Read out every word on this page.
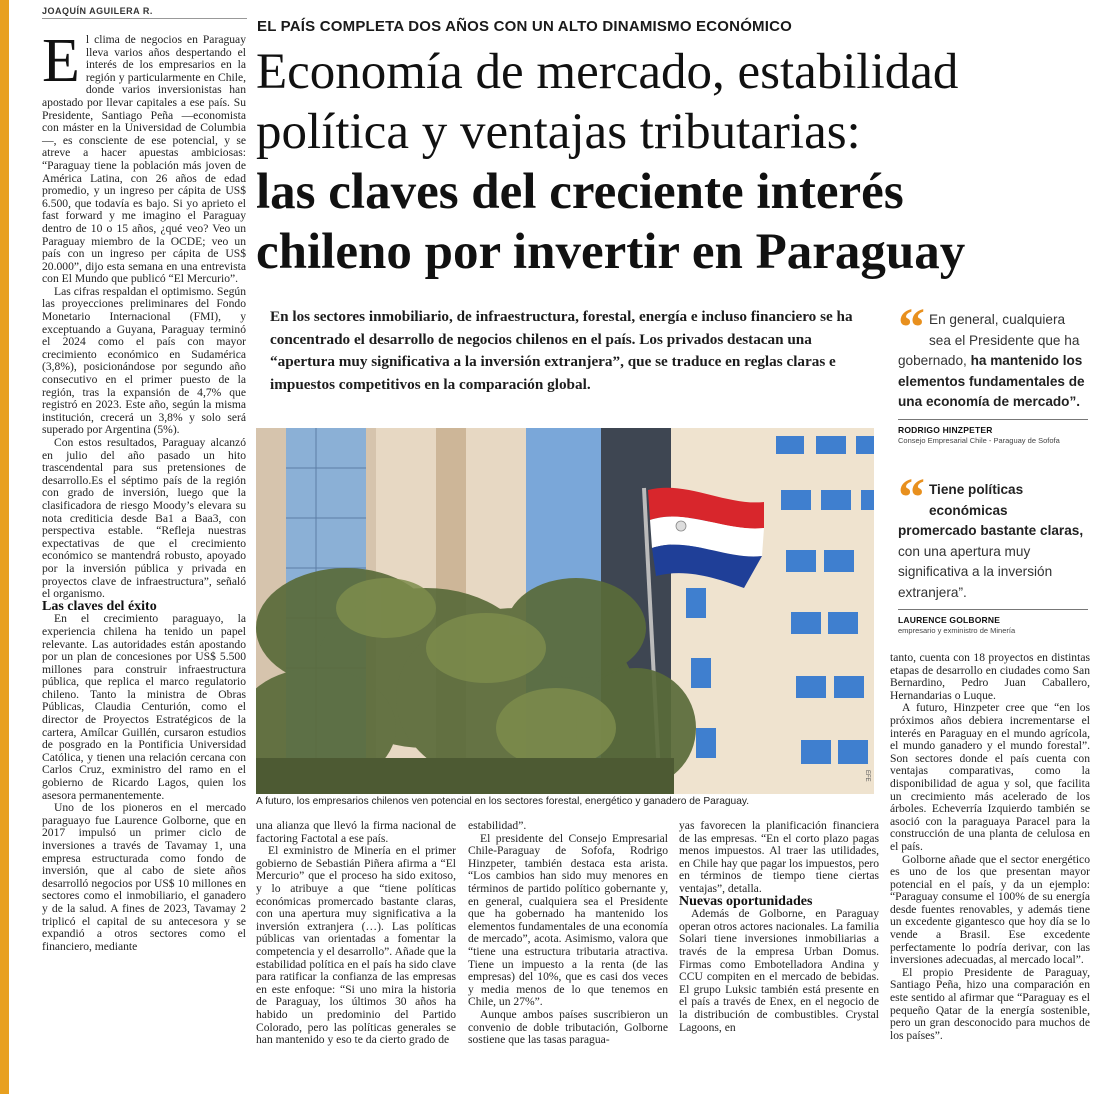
JOAQUÍN AGUILERA R.
EL PAÍS COMPLETA DOS AÑOS CON UN ALTO DINAMISMO ECONÓMICO
Economía de mercado, estabilidad
política y ventajas tributarias:
las claves del creciente interés
chileno por invertir en Paraguay
En los sectores inmobiliario, de infraestructura, forestal, energía e incluso financiero se ha concentrado el desarrollo de negocios chilenos en el país. Los privados destacan una “apertura muy significativa a la inversión extranjera”, que se traduce en reglas claras e impuestos competitivos en la comparación global.

El clima de negocios en Paraguay lleva varios años despertando el interés de los empresarios en la región y particularmente en Chile, donde varios inversionistas han apostado por llevar capitales a ese país. Su Presidente, Santiago Peña —economista con máster en la Universidad de Columbia—, es consciente de ese potencial, y se atreve a hacer apuestas ambiciosas: “Paraguay tiene la población más joven de América Latina, con 26 años de edad promedio, y un ingreso per cápita de US$ 6.500, que todavía es bajo. Si yo aprieto el fast forward y me imagino el Paraguay dentro de 10 o 15 años, ¿qué veo? Veo un Paraguay miembro de la OCDE; veo un país con un ingreso per cápita de US$ 20.000”, dijo esta semana en una entrevista con El Mundo que publicó “El Mercurio”.

Las cifras respaldan el optimismo. Según las proyecciones preliminares del Fondo Monetario Internacional (FMI), y exceptuando a Guyana, Paraguay terminó el 2024 como el país con mayor crecimiento económico en Sudamérica (3,8%), posicionándose por segundo año consecutivo en el primer puesto de la región, tras la expansión de 4,7% que registró en 2023. Este año, según la misma institución, crecerá un 3,8% y solo será superado por Argentina (5%).

Con estos resultados, Paraguay alcanzó en julio del año pasado un hito trascendental para sus pretensiones de desarrollo.Es el séptimo país de la región con grado de inversión, luego que la clasificadora de riesgo Moody’s elevara su nota crediticia desde Ba1 a Baa3, con perspectiva estable. “Refleja nuestras expectativas de que el crecimiento económico se mantendrá robusto, apoyado por la inversión pública y privada en proyectos clave de infraestructura”, señaló el organismo.

Las claves del éxito

En el crecimiento paraguayo, la experiencia chilena ha tenido un papel relevante. Las autoridades están apostando por un plan de concesiones por US$ 5.500 millones para construir infraestructura pública, que replica el marco regulatorio chileno. Tanto la ministra de Obras Públicas, Claudia Centurión, como el director de Proyectos Estratégicos de la cartera, Amílcar Guillén, cursaron estudios de posgrado en la Pontificia Universidad Católica, y tienen una relación cercana con Carlos Cruz, exministro del ramo en el gobierno de Ricardo Lagos, quien los asesora permanentemente.

Uno de los pioneros en el mercado paraguayo fue Laurence Golborne, que en 2017 impulsó un primer ciclo de inversiones a través de Tavamay 1, una empresa estructurada como fondo de inversión, que al cabo de siete años desarrolló negocios por US$ 10 millones en sectores como el inmobiliario, el ganadero y de la salud. A fines de 2023, Tavamay 2 triplicó el capital de su antecesora y se expandió a otros sectores como el financiero, mediante

A futuro, los empresarios chilenos ven potencial en los sectores forestal, energético y ganadero de Paraguay.
EFE

una alianza que llevó la firma nacional de factoring Factotal a ese país.

El exministro de Minería en el primer gobierno de Sebastián Piñera afirma a “El Mercurio” que el proceso ha sido exitoso, y lo atribuye a que “tiene políticas económicas promercado bastante claras, con una apertura muy significativa a la inversión extranjera (…). Las políticas públicas van orientadas a fomentar la competencia y el desarrollo”. Añade que la estabilidad política en el país ha sido clave para ratificar la confianza de las empresas en este enfoque: “Si uno mira la historia de Paraguay, los últimos 30 años ha habido un predominio del Partido Colorado, pero las políticas generales se han mantenido y eso te da cierto grado de

estabilidad”.

El presidente del Consejo Empresarial Chile-Paraguay de Sofofa, Rodrigo Hinzpeter, también destaca esta arista. “Los cambios han sido muy menores en términos de partido político gobernante y, en general, cualquiera sea el Presidente que ha gobernado ha mantenido los elementos fundamentales de una economía de mercado”, acota. Asimismo, valora que “tiene una estructura tributaria atractiva. Tiene un impuesto a la renta (de las empresas) del 10%, que es casi dos veces y media menos de lo que tenemos en Chile, un 27%”.

Aunque ambos países suscribieron un convenio de doble tributación, Golborne sostiene que las tasas paragua-

yas favorecen la planificación financiera de las empresas. “En el corto plazo pagas menos impuestos. Al traer las utilidades, en Chile hay que pagar los impuestos, pero en términos de tiempo tiene ciertas ventajas”, detalla.

Nuevas oportunidades

Además de Golborne, en Paraguay operan otros actores nacionales. La familia Solari tiene inversiones inmobiliarias a través de la empresa Urban Domus. Firmas como Embotelladora Andina y CCU compiten en el mercado de bebidas. El grupo Luksic también está presente en el país a través de Enex, en el negocio de la distribución de combustibles. Crystal Lagoons, en

tanto, cuenta con 18 proyectos en distintas etapas de desarrollo en ciudades como San Bernardino, Pedro Juan Caballero, Hernandarias o Luque.

A futuro, Hinzpeter cree que “en los próximos años debiera incrementarse el interés en Paraguay en el mundo agrícola, el mundo ganadero y el mundo forestal”. Son sectores donde el país cuenta con ventajas comparativas, como la disponibilidad de agua y sol, que facilita un crecimiento más acelerado de los árboles. Echeverría Izquierdo también se asoció con la paraguaya Paracel para la construcción de una planta de celulosa en el país.

Golborne añade que el sector energético es uno de los que presentan mayor potencial en el país, y da un ejemplo: “Paraguay consume el 100% de su energía desde fuentes renovables, y además tiene un excedente gigantesco que hoy día se lo vende a Brasil. Ese excedente perfectamente lo podría derivar, con las inversiones adecuadas, al mercado local”.

El propio Presidente de Paraguay, Santiago Peña, hizo una comparación en este sentido al afirmar que “Paraguay es el pequeño Qatar de la energía sostenible, pero un gran desconocido para muchos de los países”.

“ En general, cualquiera sea el Presidente que ha gobernado, ha mantenido los elementos fundamentales de una economía de mercado”.
RODRIGO HINZPETER
Consejo Empresarial Chile - Paraguay de Sofofa
“ Tiene políticas económicas promercado bastante claras, con una apertura muy significativa a la inversión extranjera”.
LAURENCE GOLBORNE
empresario y exministro de Minería
